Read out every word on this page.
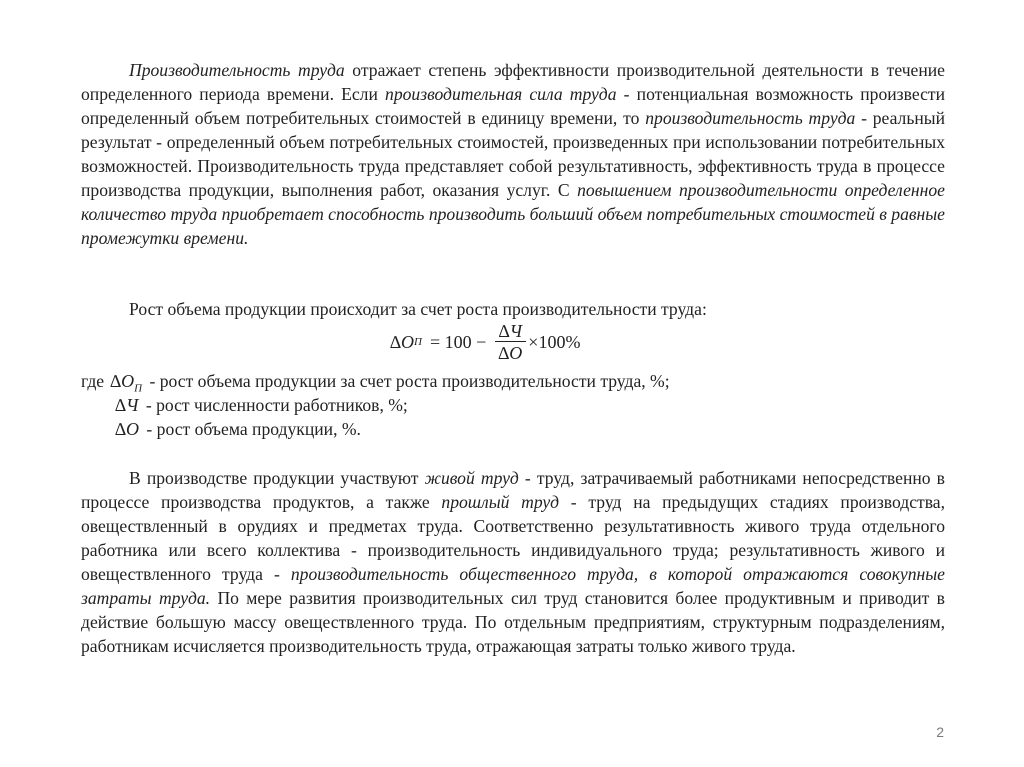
Производительность труда отражает степень эффективности производительной деятельности в течение определенного периода времени. Если производительная сила труда - потенциальная возможность произвести определенный объем потребительных стоимостей в единицу времени, то производительность труда - реальный результат - определенный объем потребительных стоимостей, произведенных при использовании потребительных возможностей. Производительность труда представляет собой результативность, эффективность труда в процессе производства продукции, выполнения работ, оказания услуг. С повышением производительности определенное количество труда приобретает способность производить больший объем потребительных стоимостей в равные промежутки времени.

Рост объема продукции происходит за счет роста производительности труда:

∆ O $П = 100 - \frac{\Delta Ч}{\Delta O} \times 100\%$

где $\Delta O_П$ - рост объема продукции за счет роста производительности труда, %;

∆Ч - рост численности работников, %;

∆O - рост объема продукции, %.

В производстве продукции участвуют живой труд - труд, затрачиваемый работниками непосредственно в процессе производства продуктов, а также прошлый труд - труд на предыдущих стадиях производства, овеществленный в орудиях и предметах труда. Соответственно результативность живого труда отдельного работника или всего коллектива - производительность индивидуального труда; результативность живого и овеществленного труда - производительность общественного труда, в которой отражаются совокупные затраты труда. По мере развития производительных сил труд становится более продуктивным и приводит в действие большую массу овеществленного труда. По отдельным предприятиям, структурным подразделениям, работникам исчисляется производительность труда, отражающая затраты только живого труда.

2
